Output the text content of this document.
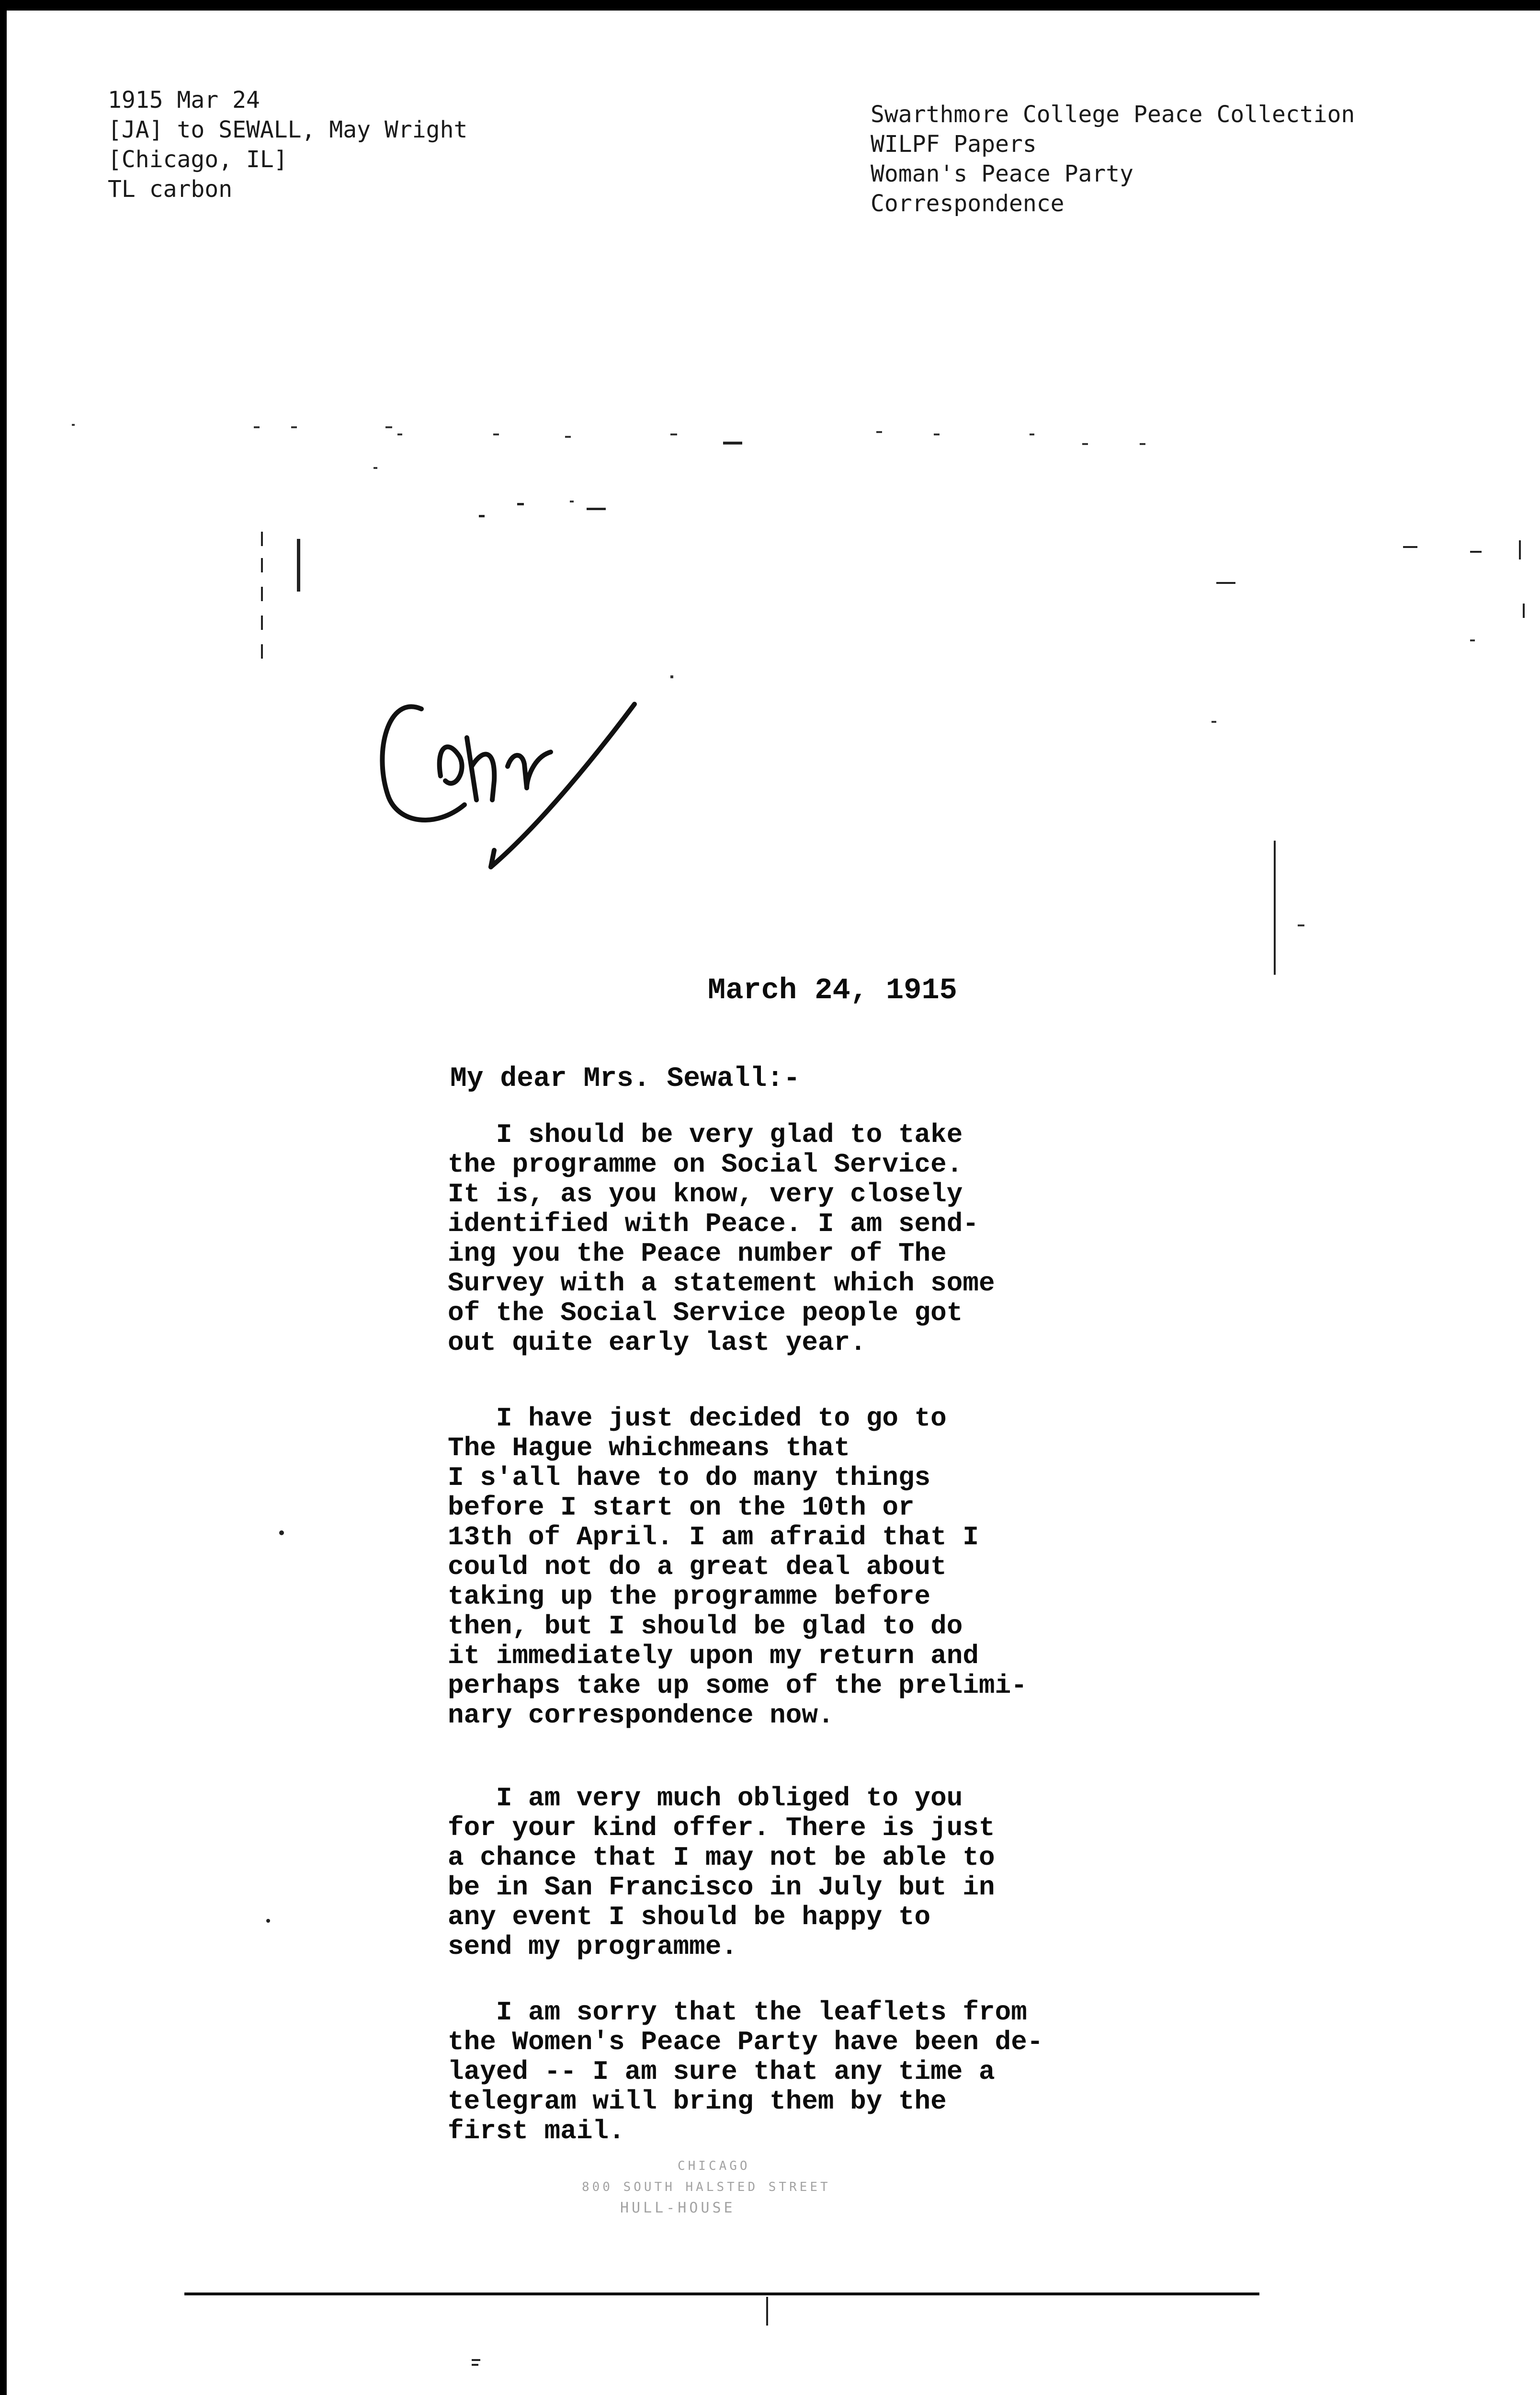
1915 Mar 24
[JA] to SEWALL, May Wright
[Chicago, IL]
TL carbon
Swarthmore College Peace Collection
WILPF Papers
Woman's Peace Party
Correspondence
March 24, 1915
My dear Mrs. Sewall:-
I should be very glad to take
the programme on Social Service.
It is, as you know, very closely
identified with Peace. I am send-
ing you the Peace number of The
Survey with a statement which some
of the Social Service people got
out quite early last year.
I have just decided to go to
The Hague whichmeans that
I s'all have to do many things
before I start on the 10th or
13th of April. I am afraid that I
could not do a great deal about
taking up the programme before
then, but I should be glad to do
it immediately upon my return and
perhaps take up some of the prelimi-
nary correspondence now.
I am very much obliged to you
for your kind offer. There is just
a chance that I may not be able to
be in San Francisco in July but in
any event I should be happy to
send my programme.
I am sorry that the leaflets from
the Women's Peace Party have been de-
layed -- I am sure that any time a
telegram will bring them by the
first mail.
CHICAGO
800 SOUTH HALSTED STREET
HULL-HOUSE
